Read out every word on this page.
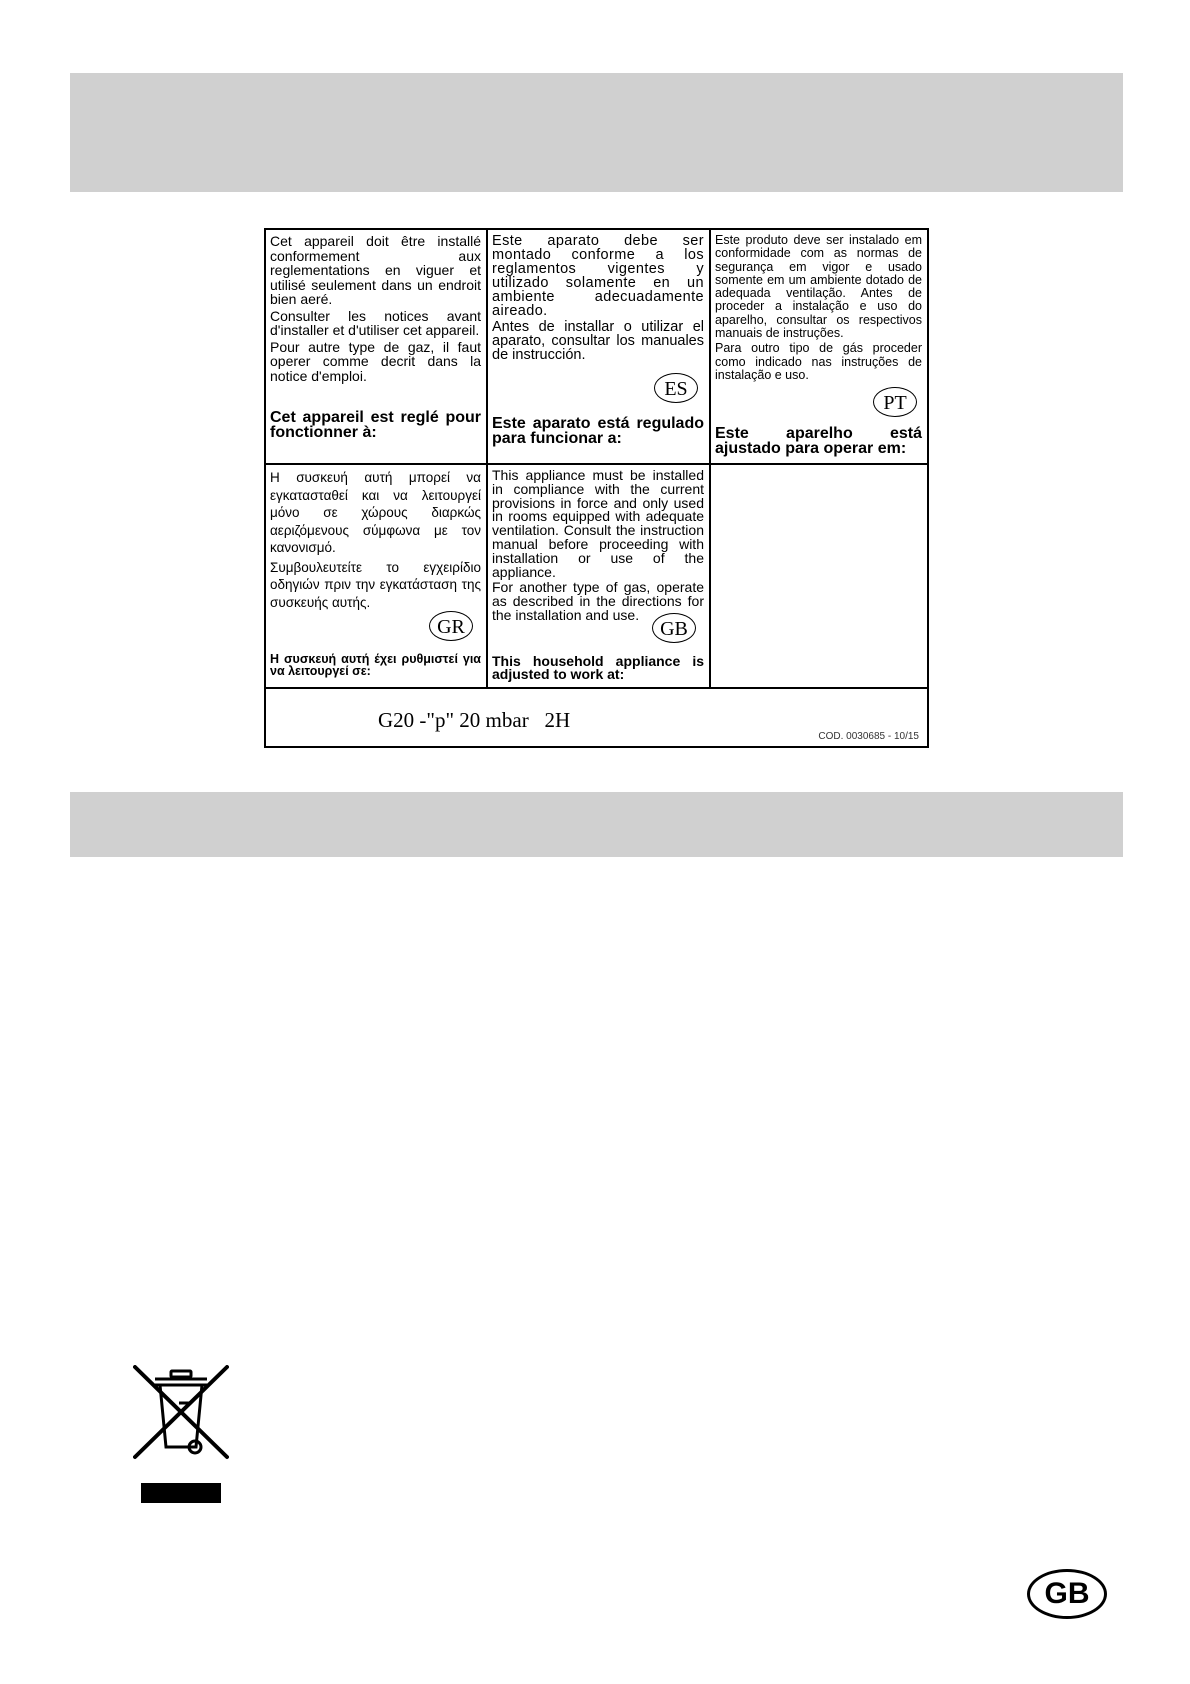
Cet appareil doit être installé conformement aux reglementations en viguer et utilisé seulement dans un endroit bien aeré.

Consulter les notices avant d'installer et d'utiliser cet appareil.

Pour autre type de gaz, il faut operer comme decrit dans la notice d'emploi.

Cet appareil est reglé pour fonctionner à:

Este aparato debe ser montado conforme a los reglamentos vigentes y utilizado solamente en un ambiente adecuadamente aireado.

Antes de installar o utilizar el aparato, consultar los manuales de instrucción.

ES
Este aparato está regulado para funcionar a:

Este produto deve ser instalado em conformidade com as normas de segurança em vigor e usado somente em um ambiente dotado de adequada ventilação. Antes de proceder a instalação e uso do aparelho, consultar os respectivos manuais de instruções.

Para outro tipo de gás proceder como indicado nas instruções de instalação e uso.

PT
Este aparelho está ajustado para operar em:

Η συσκευή αυτή μπορεί να εγκατασταθεί και να λειτουργεί μόνο σε χώρους διαρκώς αεριζόμενους σύμφωνα με τον κανονισμό.

Συμβουλευτείτε το εγχειρίδιο οδηγιών πριν την εγκατάσταση της συσκευής αυτής.

GR
Η συσκευή αυτή έχει ρυθμιστεί για να λειτουργεί σε:

This appliance must be installed in compliance with the current provisions in force and only used in rooms equipped with adequate ventilation. Consult the instruction manual before proceeding with installation or use of the appliance.

For another type of gas, operate as described in the directions for the installation and use.

GB
This household appliance is adjusted to work at:
G20 -"p" 20 mbar   2H
COD. 0030685 - 10/15
GB
